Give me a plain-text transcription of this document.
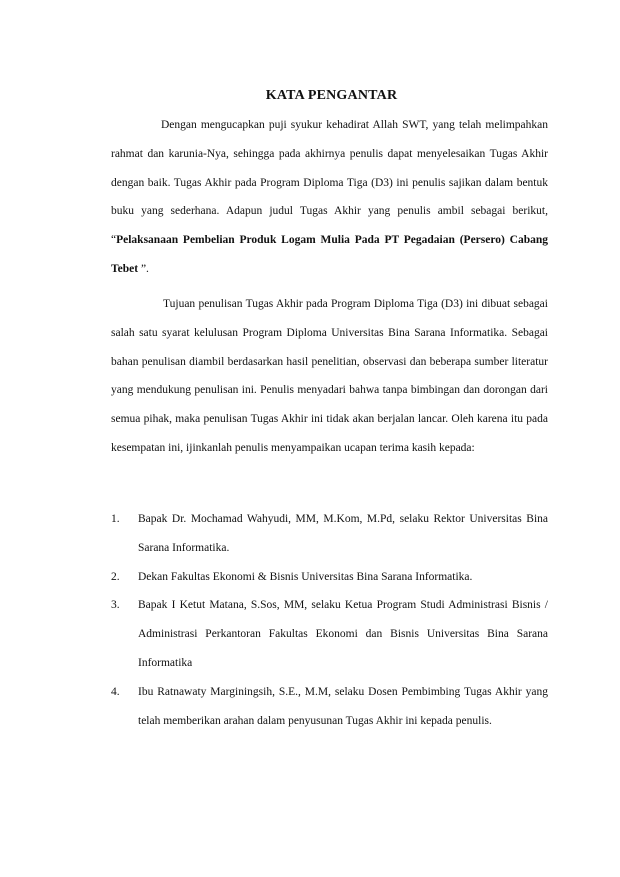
KATA PENGANTAR

Dengan mengucapkan puji syukur kehadirat Allah SWT, yang telah melimpahkan rahmat dan karunia-Nya, sehingga pada akhirnya penulis dapat menyelesaikan Tugas Akhir dengan baik. Tugas Akhir pada Program Diploma Tiga (D3) ini penulis sajikan dalam bentuk buku yang sederhana. Adapun judul Tugas Akhir yang penulis ambil sebagai berikut, “Pelaksanaan Pembelian Produk Logam Mulia Pada PT Pegadaian (Persero) Cabang Tebet ”.

Tujuan penulisan Tugas Akhir pada Program Diploma Tiga (D3) ini dibuat sebagai salah satu syarat kelulusan Program Diploma Universitas Bina Sarana Informatika. Sebagai bahan penulisan diambil berdasarkan hasil penelitian, observasi dan beberapa sumber literatur yang mendukung penulisan ini. Penulis menyadari bahwa tanpa bimbingan dan dorongan dari semua pihak, maka penulisan Tugas Akhir ini tidak akan berjalan lancar. Oleh karena itu pada kesempatan ini, ijinkanlah penulis menyampaikan ucapan terima kasih kepada:

1. Bapak Dr. Mochamad Wahyudi, MM, M.Kom, M.Pd, selaku Rektor Universitas Bina Sarana Informatika.
2. Dekan Fakultas Ekonomi & Bisnis Universitas Bina Sarana Informatika.
3. Bapak I Ketut Matana, S.Sos, MM, selaku Ketua Program Studi Administrasi Bisnis / Administrasi Perkantoran Fakultas Ekonomi dan Bisnis Universitas Bina Sarana Informatika
4. Ibu Ratnawaty Marginingsih, S.E., M.M, selaku Dosen Pembimbing Tugas Akhir yang telah memberikan arahan dalam penyusunan Tugas Akhir ini kepada penulis.
